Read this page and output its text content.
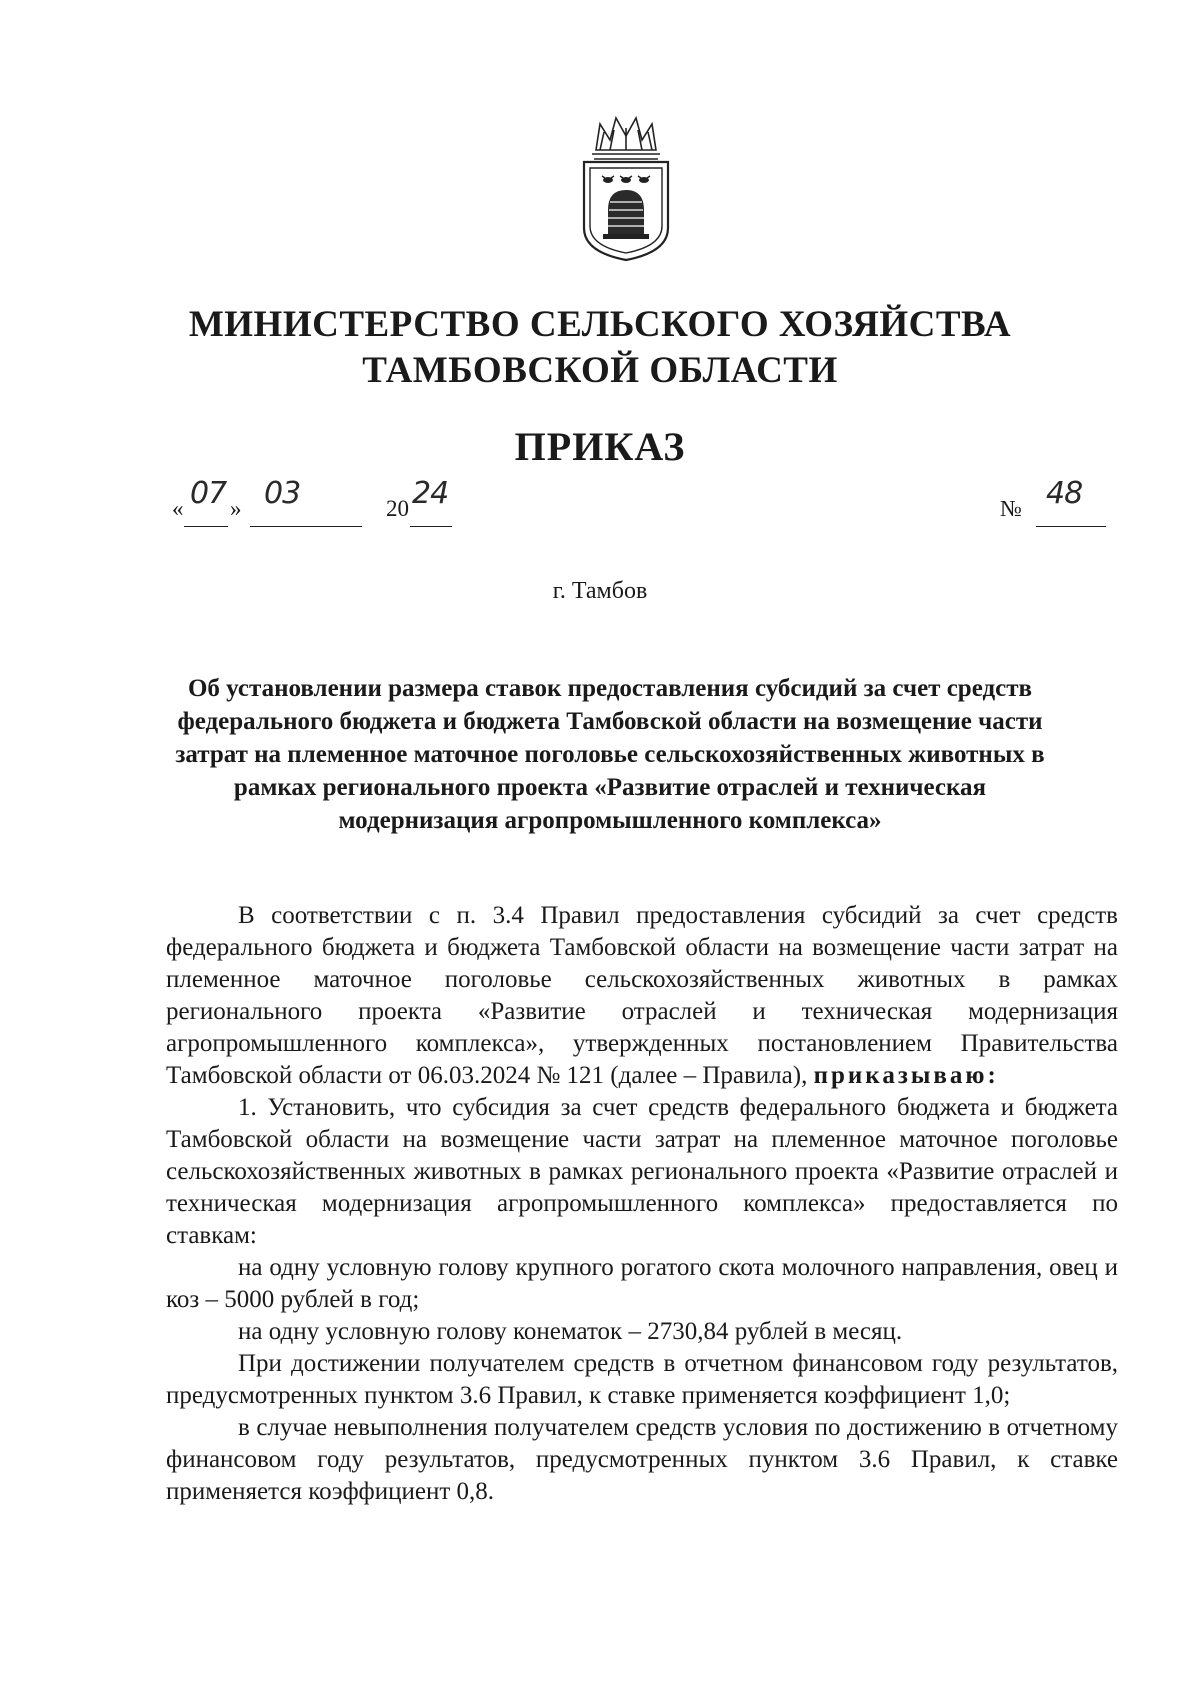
МИНИСТЕРСТВО СЕЛЬСКОГО ХОЗЯЙСТВА
ТАМБОВСКОЙ ОБЛАСТИ
ПРИКАЗ
« 07 » 03	20 24	№ 48
г. Тамбов
Об установлении размера ставок предоставления субсидий за счет средств федерального бюджета и бюджета Тамбовской области на возмещение части затрат на племенное маточное поголовье сельскохозяйственных животных в рамках регионального проекта «Развитие отраслей и техническая модернизация агропромышленного комплекса»

В соответствии с п. 3.4 Правил предоставления субсидий за счет средств федерального бюджета и бюджета Тамбовской области на возмещение части затрат на племенное маточное поголовье сельскохозяйственных животных в рамках регионального проекта «Развитие отраслей и техническая модернизация агропромышленного комплекса», утвержденных постановлением Правительства Тамбовской области от 06.03.2024 № 121 (далее – Правила), приказываю:

1. Установить, что субсидия за счет средств федерального бюджета и бюджета Тамбовской области на возмещение части затрат на племенное маточное поголовье сельскохозяйственных животных в рамках регионального проекта «Развитие отраслей и техническая модернизация агропромышленного комплекса» предоставляется по ставкам:

на одну условную голову крупного рогатого скота молочного направления, овец и коз – 5000 рублей в год;

на одну условную голову конематок – 2730,84 рублей в месяц.

При достижении получателем средств в отчетном финансовом году результатов, предусмотренных пунктом 3.6 Правил, к ставке применяется коэффициент 1,0;

в случае невыполнения получателем средств условия по достижению в отчетному финансовом году результатов, предусмотренных пунктом 3.6 Правил, к ставке применяется коэффициент 0,8.
